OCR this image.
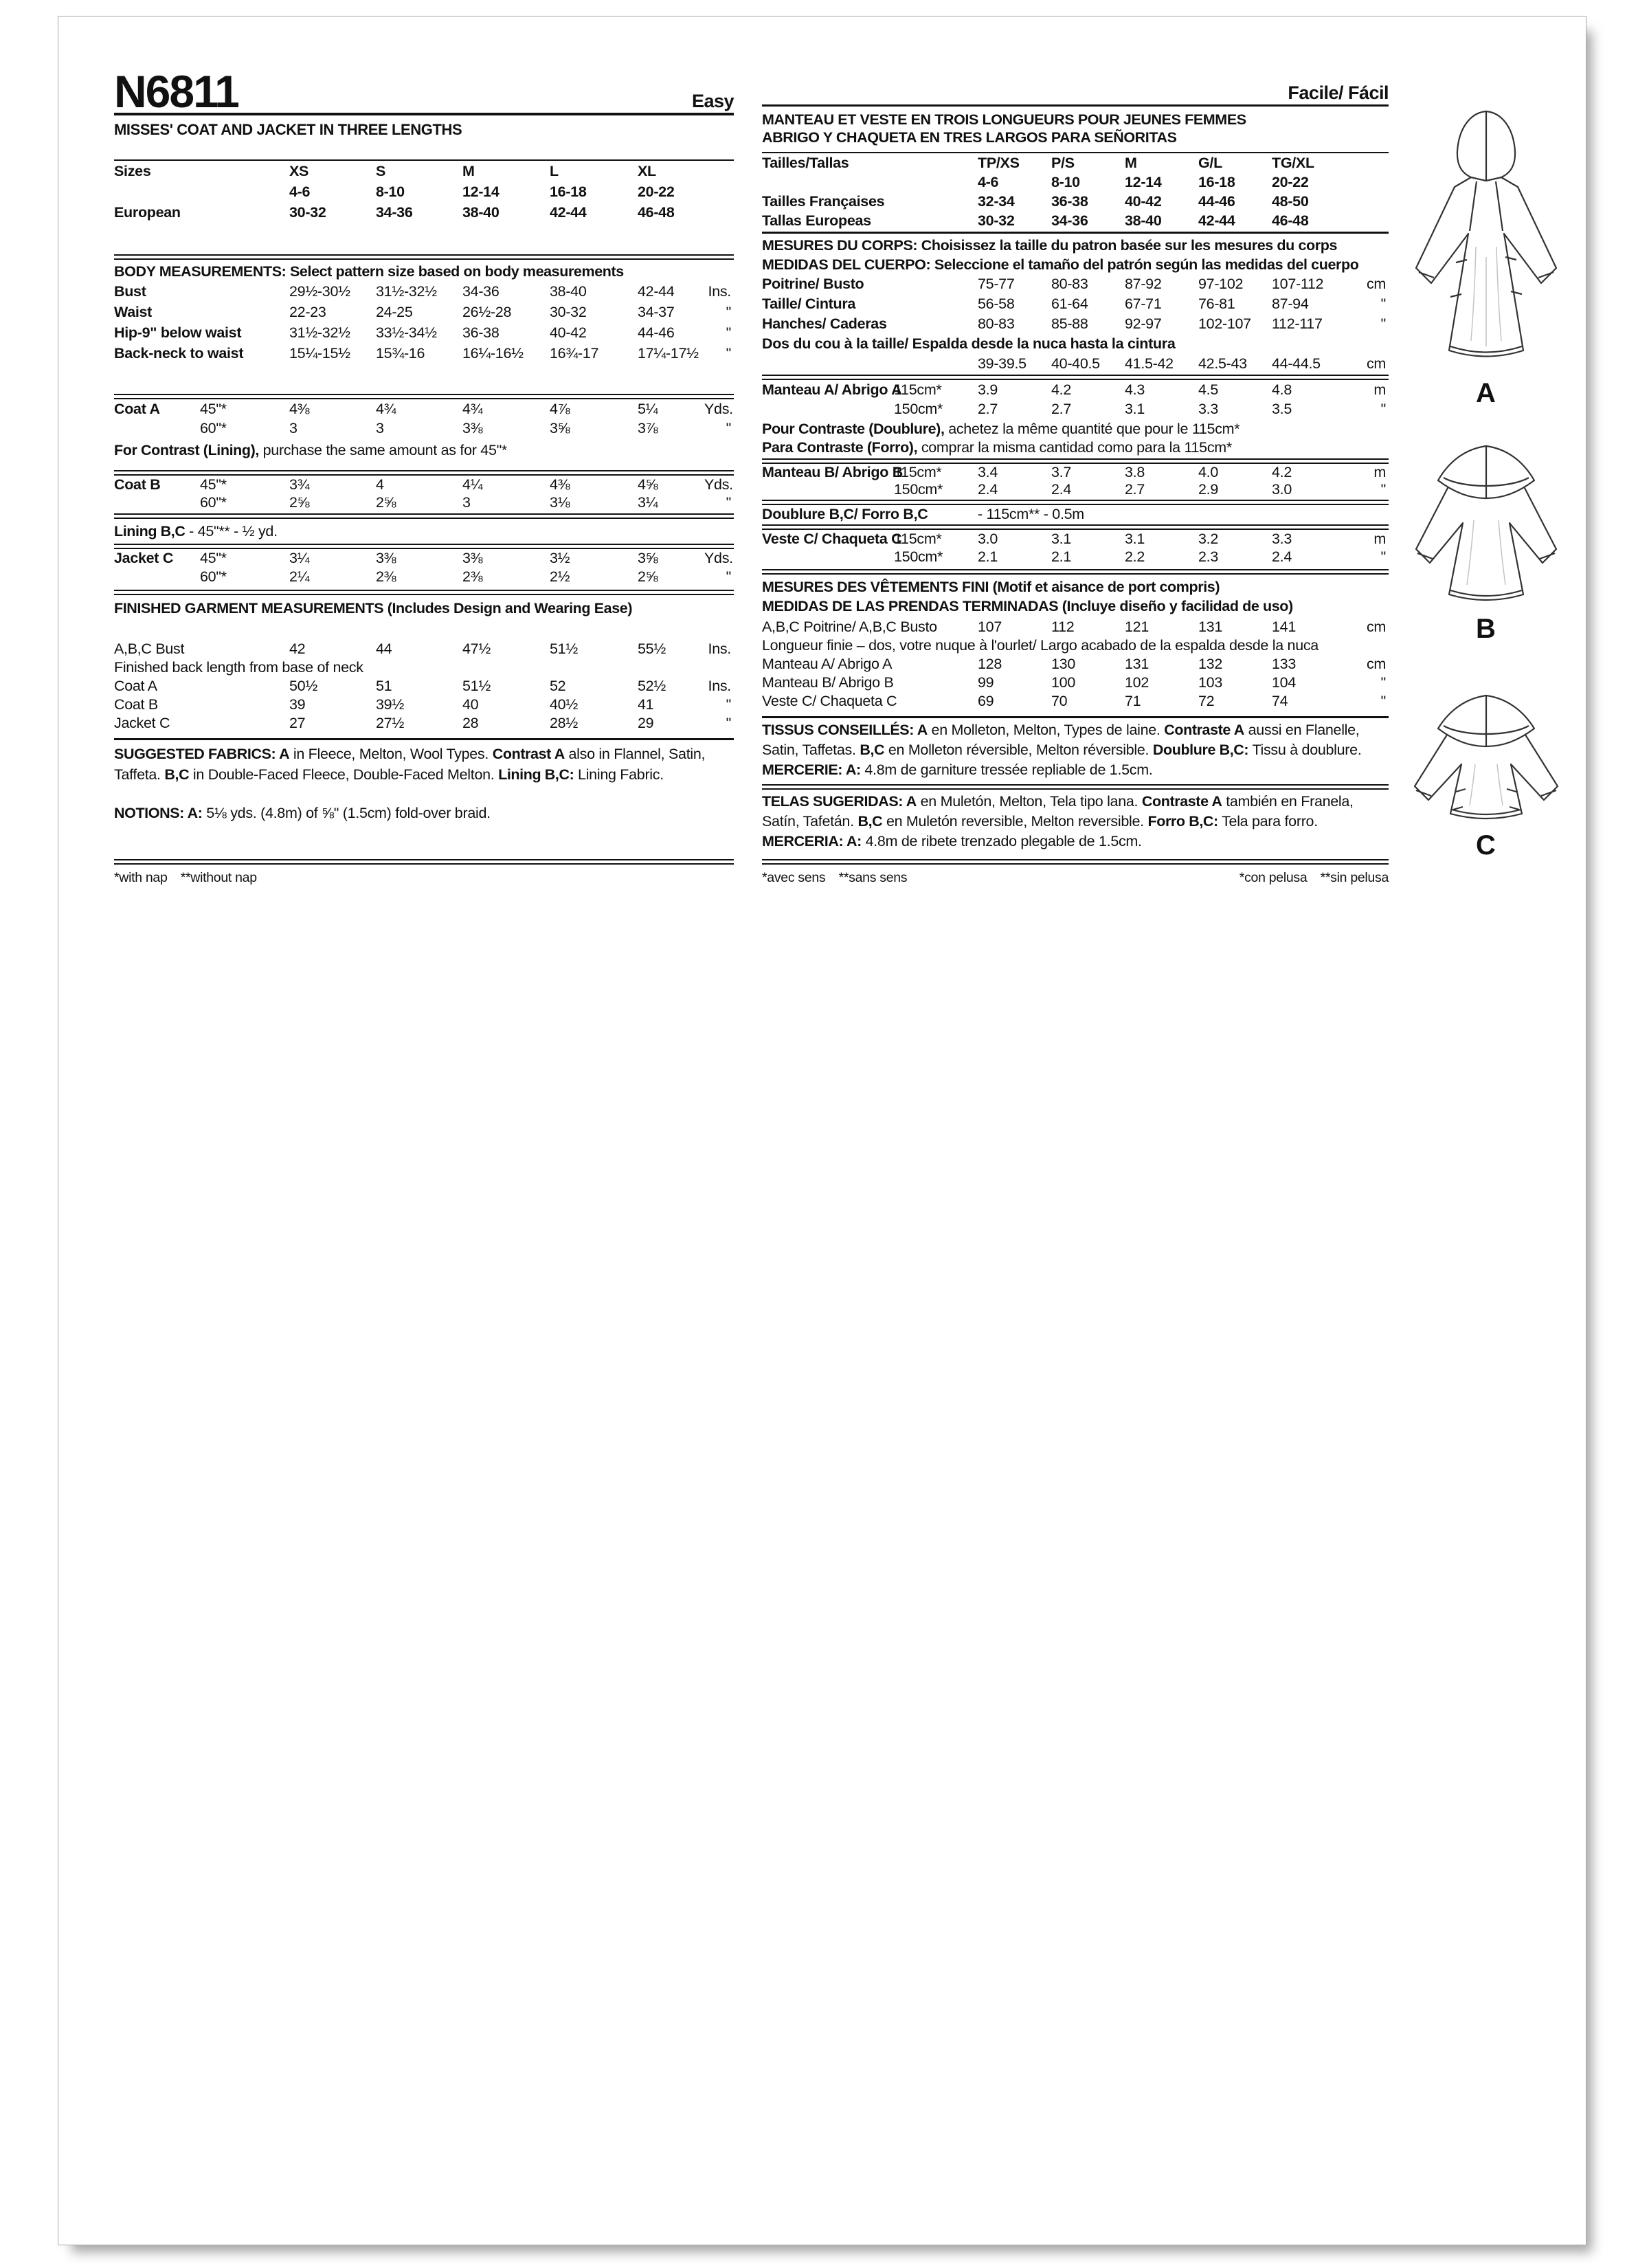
N6811	Easy
MISSES' COAT AND JACKET IN THREE LENGTHS
Sizes	XS	S	M	L	XL
4-6	8-10	12-14	16-18	20-22
European	30-32	34-36	38-40	42-44	46-48
BODY MEASUREMENTS: Select pattern size based on body measurements
Bust	29½-30½	31½-32½	34-36	38-40	42-44	Ins.
Waist	22-23	24-25	26½-28	30-32	34-37	"
Hip-9" below waist	31½-32½	33½-34½	36-38	40-42	44-46	"
Back-neck to waist	15¼-15½	15¾-16	16¼-16½	16¾-17	17¼-17½	"
Coat A	45"*	4⅜	4¾	4¾	4⅞	5¼	Yds.
60"*	3	3	3⅜	3⅝	3⅞	"
For Contrast (Lining), purchase the same amount as for 45"*
Coat B	45"*	3¾	4	4¼	4⅜	4⅝	Yds.
60"*	2⅝	2⅝	3	3⅛	3¼	"
Lining B,C - 45"** - ½ yd.
Jacket C	45"*	3¼	3⅜	3⅜	3½	3⅝	Yds.
60"*	2¼	2⅜	2⅜	2½	2⅝	"
FINISHED GARMENT MEASUREMENTS (Includes Design and Wearing Ease)
A,B,C Bust	42	44	47½	51½	55½	Ins.
Finished back length from base of neck
Coat A	50½	51	51½	52	52½	Ins.
Coat B	39	39½	40	40½	41	"
Jacket C	27	27½	28	28½	29	"
SUGGESTED FABRICS: A in Fleece, Melton, Wool Types. Contrast A also in Flannel, Satin, Taffeta. B,C in Double-Faced Fleece, Double-Faced Melton. Lining B,C: Lining Fabric.
NOTIONS: A: 5⅛ yds. (4.8m) of ⅝" (1.5cm) fold-over braid.
*with nap **without nap
Facile/ Fácil
MANTEAU ET VESTE EN TROIS LONGUEURS POUR JEUNES FEMMES
ABRIGO Y CHAQUETA EN TRES LARGOS PARA SEÑORITAS
Tailles/Tallas	TP/XS	P/S	M	G/L	TG/XL
4-6	8-10	12-14	16-18	20-22
Tailles Françaises	32-34	36-38	40-42	44-46	48-50
Tallas Europeas	30-32	34-36	38-40	42-44	46-48
MESURES DU CORPS: Choisissez la taille du patron basée sur les mesures du corps
MEDIDAS DEL CUERPO: Seleccione el tamaño del patrón según las medidas del cuerpo
Poitrine/ Busto	75-77	80-83	87-92	97-102	107-112	cm
Taille/ Cintura	56-58	61-64	67-71	76-81	87-94	"
Hanches/ Caderas	80-83	85-88	92-97	102-107	112-117	"
Dos du cou à la taille/ Espalda desde la nuca hasta la cintura
39-39.5	40-40.5	41.5-42	42.5-43	44-44.5	cm
Manteau A/ Abrigo A
115cm*	3.9	4.2	4.3	4.5	4.8	m
150cm*	2.7	2.7	3.1	3.3	3.5	"
Pour Contraste (Doublure), achetez la même quantité que pour le 115cm*
Para Contraste (Forro), comprar la misma cantidad como para la 115cm*
Manteau B/ Abrigo B
115cm*	3.4	3.7	3.8	4.0	4.2	m
150cm*	2.4	2.4	2.7	2.9	3.0	"
Doublure B,C/ Forro B,C	- 115cm** - 0.5m
Veste C/ Chaqueta C
115cm*	3.0	3.1	3.1	3.2	3.3	m
150cm*	2.1	2.1	2.2	2.3	2.4	"
MESURES DES VÊTEMENTS FINI (Motif et aisance de port compris)
MEDIDAS DE LAS PRENDAS TERMINADAS (Incluye diseño y facilidad de uso)
A,B,C Poitrine/ A,B,C Busto	107	112	121	131	141	cm
Longueur finie – dos, votre nuque à l'ourlet/ Largo acabado de la espalda desde la nuca
Manteau A/ Abrigo A	128	130	131	132	133	cm
Manteau B/ Abrigo B	99	100	102	103	104	"
Veste C/ Chaqueta C	69	70	71	72	74	"
TISSUS CONSEILLÉS: A en Molleton, Melton, Types de laine. Contraste A aussi en Flanelle, Satin, Taffetas. B,C en Molleton réversible, Melton réversible. Doublure B,C: Tissu à doublure.
MERCERIE: A: 4.8m de garniture tressée repliable de 1.5cm.
TELAS SUGERIDAS: A en Muletón, Melton, Tela tipo lana. Contraste A también en Franela, Satín, Tafetán. B,C en Muletón reversible, Melton reversible. Forro B,C: Tela para forro.
MERCERIA: A: 4.8m de ribete trenzado plegable de 1.5cm.
*avec sens **sans sens	*con pelusa **sin pelusa
A
B
C
